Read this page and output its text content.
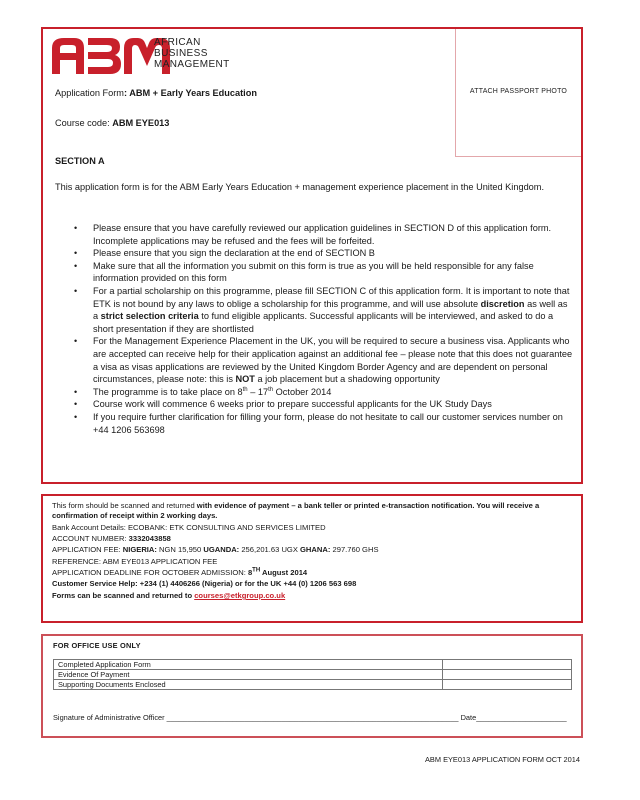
AFRICAN
BUSINESS
MANAGEMENT
ATTACH PASSPORT PHOTO
Application Form: ABM + Early Years Education
Course code: ABM EYE013
SECTION A
This application form is for the ABM Early Years Education + management experience placement in the United Kingdom.
• Please ensure that you have carefully reviewed our application guidelines in SECTION D of this application form. Incomplete applications may be refused and the fees will be forfeited.
• Please ensure that you sign the declaration at the end of SECTION B
• Make sure that all the information you submit on this form is true as you will be held responsible for any false information provided on this form
• For a partial scholarship on this programme, please fill SECTION C of this application form. It is important to note that ETK is not bound by any laws to oblige a scholarship for this programme, and will use absolute discretion as well as a strict selection criteria to fund eligible applicants. Successful applicants will be interviewed, and asked to do a short presentation if they are shortlisted
• For the Management Experience Placement in the UK, you will be required to secure a business visa. Applicants who are accepted can receive help for their application against an additional fee – please note that this does not guarantee a visa as visas applications are reviewed by the United Kingdom Border Agency and are dependent on personal circumstances, please note: this is NOT a job placement but a shadowing opportunity
• The programme is to take place on 8th – 17th October 2014
• Course work will commence 6 weeks prior to prepare successful applicants for the UK Study Days
• If you require further clarification for filling your form, please do not hesitate to call our customer services number on +44 1206 563698
This form should be scanned and returned with evidence of payment – a bank teller or printed e-transaction notification. You will receive a confirmation of receipt within 2 working days.
Bank Account Details: ECOBANK: ETK CONSULTING AND SERVICES LIMITED
ACCOUNT NUMBER: 3332043858
APPLICATION FEE: NIGERIA: NGN 15,950 UGANDA: 256,201.63 UGX GHANA: 297.760 GHS
REFERENCE: ABM EYE013 APPLICATION FEE
APPLICATION DEADLINE FOR OCTOBER ADMISSION: 8TH August 2014
Customer Service Help: +234 (1) 4406266 (Nigeria) or for the UK +44 (0) 1206 563 698
Forms can be scanned and returned to courses@etkgroup.co.uk
FOR OFFICE USE ONLY
Completed Application Form	
Evidence Of Payment	
Supporting Documents Enclosed	
Signature of Administrative Officer _______________________________________________________________________ Date______________________
ABM EYE013 APPLICATION FORM OCT 2014
